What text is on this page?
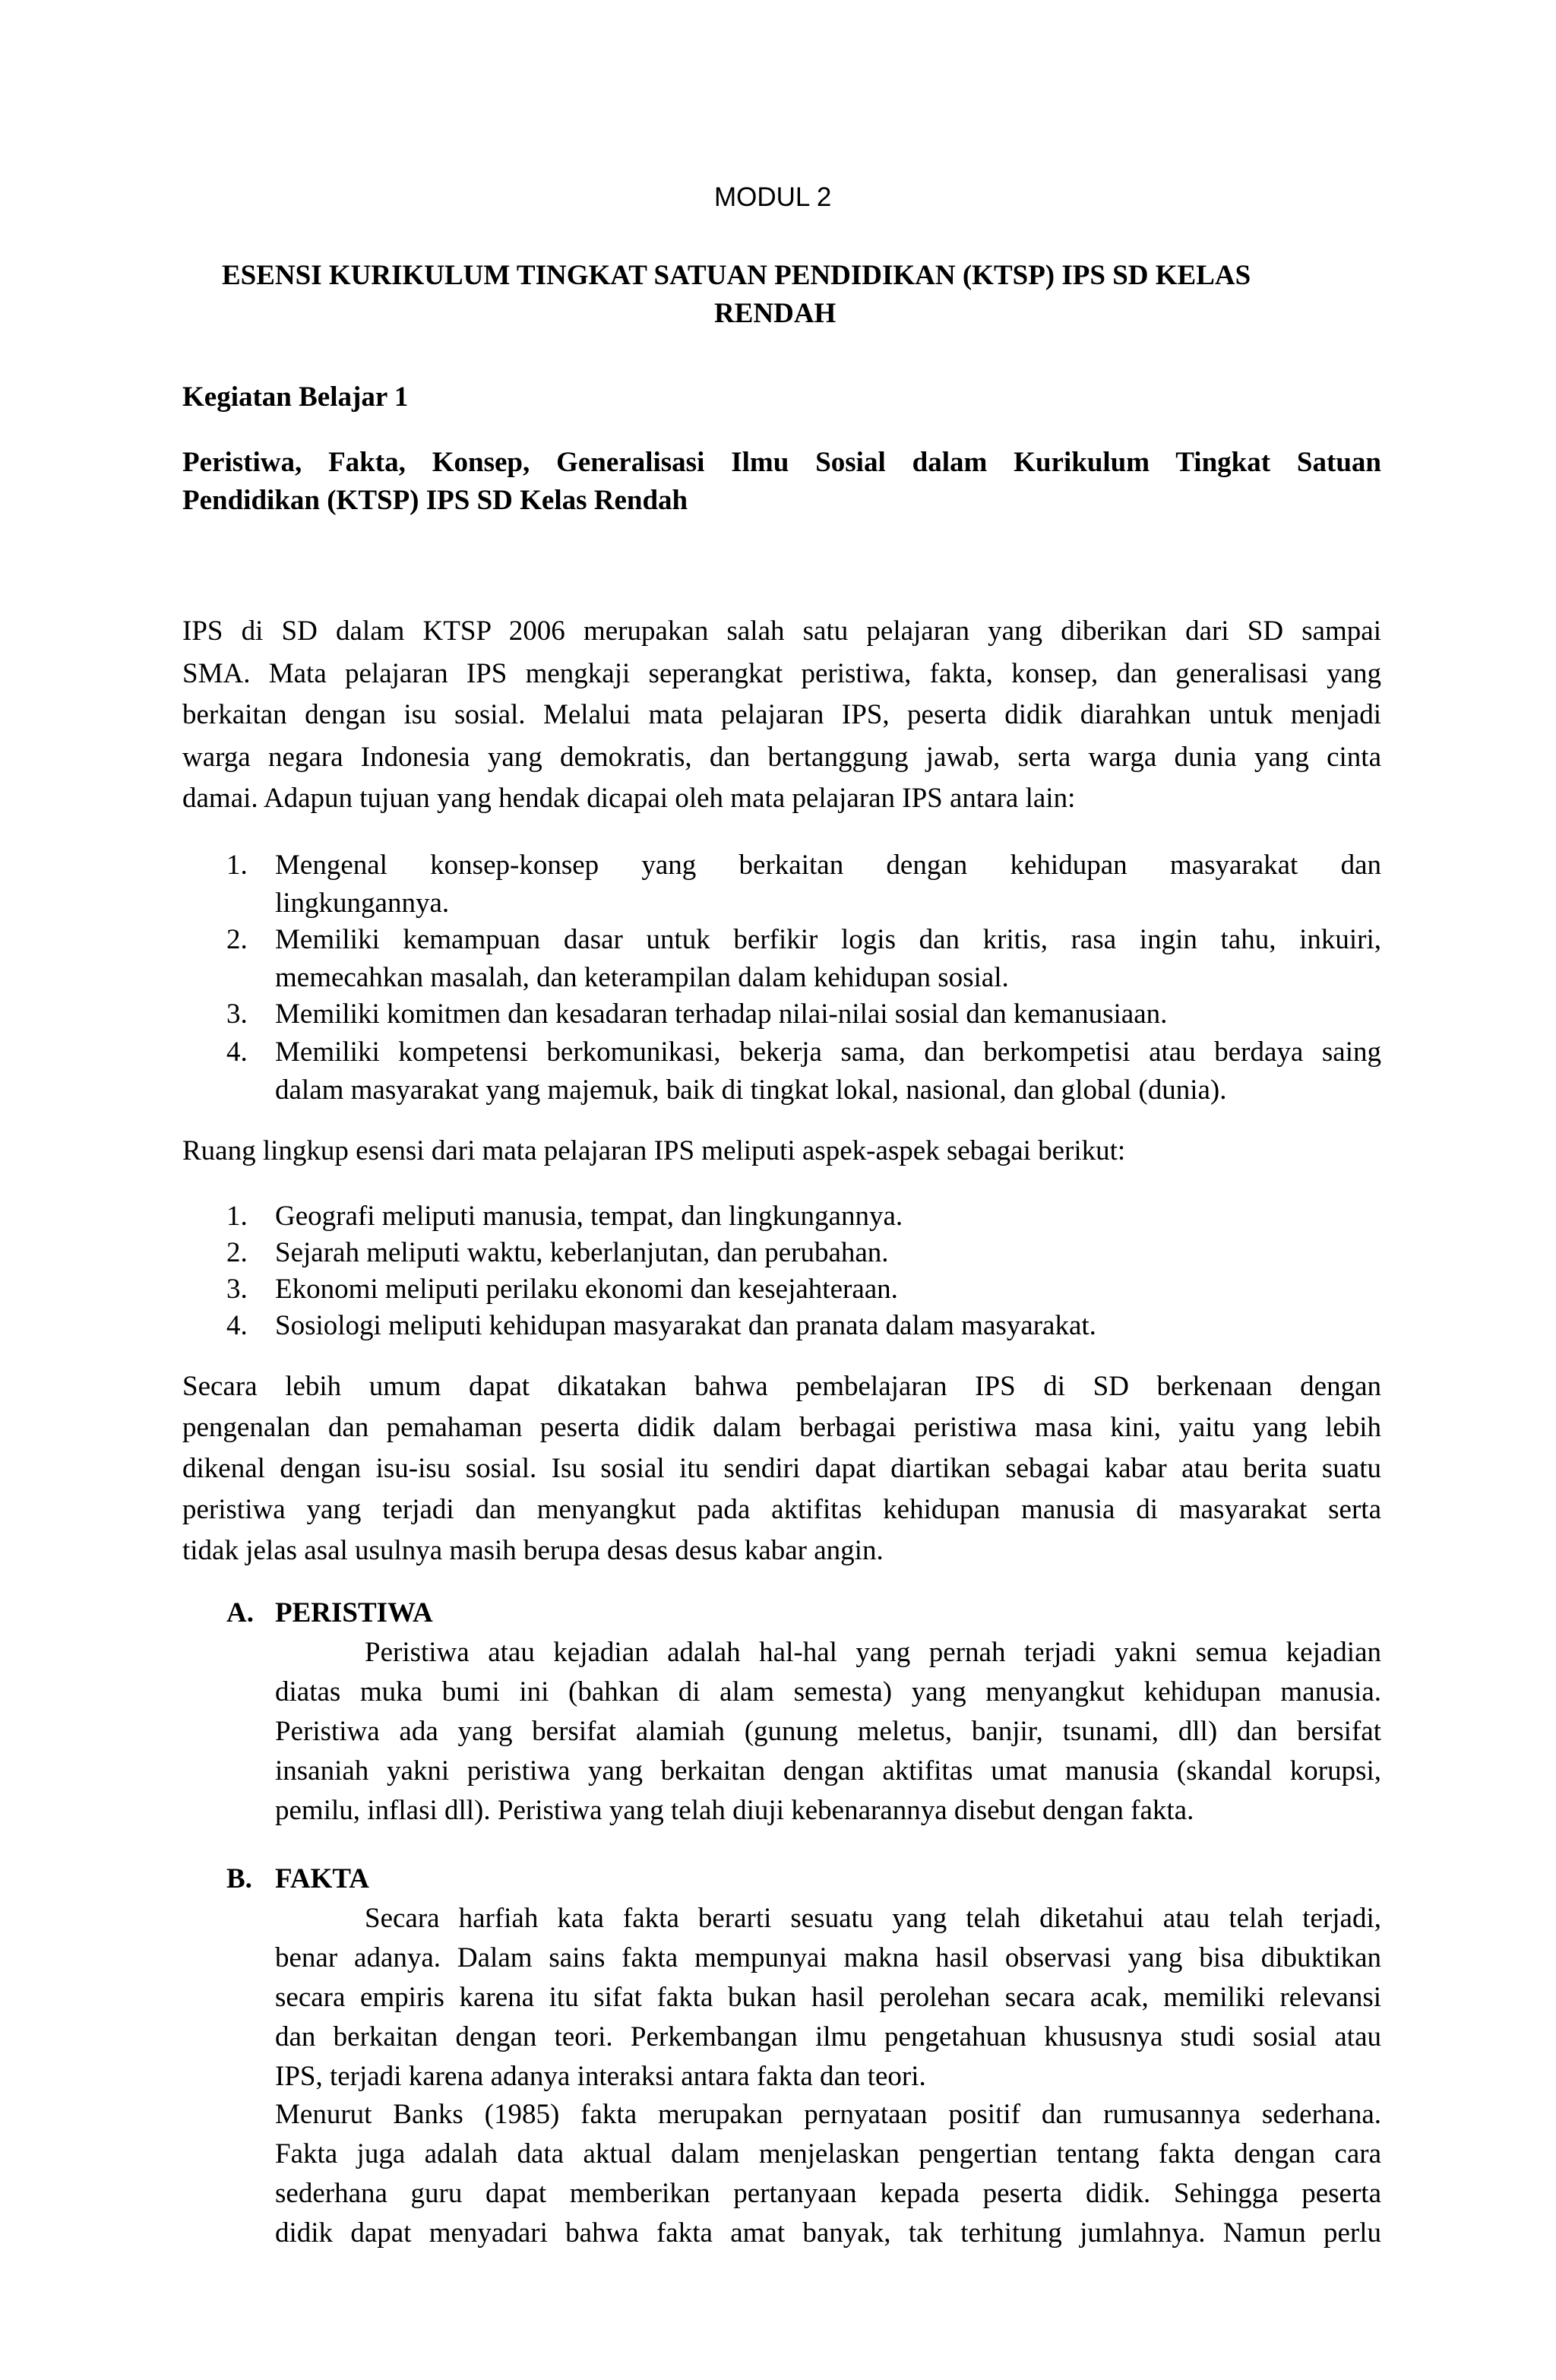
MODUL 2
ESENSI KURIKULUM TINGKAT SATUAN PENDIDIKAN (KTSP) IPS SD KELAS
RENDAH
Kegiatan Belajar 1
Peristiwa, Fakta, Konsep, Generalisasi Ilmu Sosial dalam Kurikulum Tingkat Satuan
Pendidikan (KTSP) IPS SD Kelas Rendah
IPS di SD dalam KTSP 2006 merupakan salah satu pelajaran yang diberikan dari SD sampai
SMA. Mata pelajaran IPS mengkaji seperangkat peristiwa, fakta, konsep, dan generalisasi yang
berkaitan dengan isu sosial. Melalui mata pelajaran IPS, peserta didik diarahkan untuk menjadi
warga negara Indonesia yang demokratis, dan bertanggung jawab, serta warga dunia yang cinta
damai. Adapun tujuan yang hendak dicapai oleh mata pelajaran IPS antara lain:
1. Mengenal konsep-konsep yang berkaitan dengan kehidupan masyarakat dan
lingkungannya.
2. Memiliki kemampuan dasar untuk berfikir logis dan kritis, rasa ingin tahu, inkuiri,
memecahkan masalah, dan keterampilan dalam kehidupan sosial.
3. Memiliki komitmen dan kesadaran terhadap nilai-nilai sosial dan kemanusiaan.
4. Memiliki kompetensi berkomunikasi, bekerja sama, dan berkompetisi atau berdaya saing
dalam masyarakat yang majemuk, baik di tingkat lokal, nasional, dan global (dunia).
Ruang lingkup esensi dari mata pelajaran IPS meliputi aspek-aspek sebagai berikut:
1. Geografi meliputi manusia, tempat, dan lingkungannya.
2. Sejarah meliputi waktu, keberlanjutan, dan perubahan.
3. Ekonomi meliputi perilaku ekonomi dan kesejahteraan.
4. Sosiologi meliputi kehidupan masyarakat dan pranata dalam masyarakat.
Secara lebih umum dapat dikatakan bahwa pembelajaran IPS di SD berkenaan dengan
pengenalan dan pemahaman peserta didik dalam berbagai peristiwa masa kini, yaitu yang lebih
dikenal dengan isu-isu sosial. Isu sosial itu sendiri dapat diartikan sebagai kabar atau berita suatu
peristiwa yang terjadi dan menyangkut pada aktifitas kehidupan manusia di masyarakat serta
tidak jelas asal usulnya masih berupa desas desus kabar angin.
A. PERISTIWA
Peristiwa atau kejadian adalah hal-hal yang pernah terjadi yakni semua kejadian
diatas muka bumi ini (bahkan di alam semesta) yang menyangkut kehidupan manusia.
Peristiwa ada yang bersifat alamiah (gunung meletus, banjir, tsunami, dll) dan bersifat
insaniah yakni peristiwa yang berkaitan dengan aktifitas umat manusia (skandal korupsi,
pemilu, inflasi dll). Peristiwa yang telah diuji kebenarannya disebut dengan fakta.
B. FAKTA
Secara harfiah kata fakta berarti sesuatu yang telah diketahui atau telah terjadi,
benar adanya. Dalam sains fakta mempunyai makna hasil observasi yang bisa dibuktikan
secara empiris karena itu sifat fakta bukan hasil perolehan secara acak, memiliki relevansi
dan berkaitan dengan teori. Perkembangan ilmu pengetahuan khususnya studi sosial atau
IPS, terjadi karena adanya interaksi antara fakta dan teori.
Menurut Banks (1985) fakta merupakan pernyataan positif dan rumusannya sederhana.
Fakta juga adalah data aktual dalam menjelaskan pengertian tentang fakta dengan cara
sederhana guru dapat memberikan pertanyaan kepada peserta didik. Sehingga peserta
didik dapat menyadari bahwa fakta amat banyak, tak terhitung jumlahnya. Namun perlu
